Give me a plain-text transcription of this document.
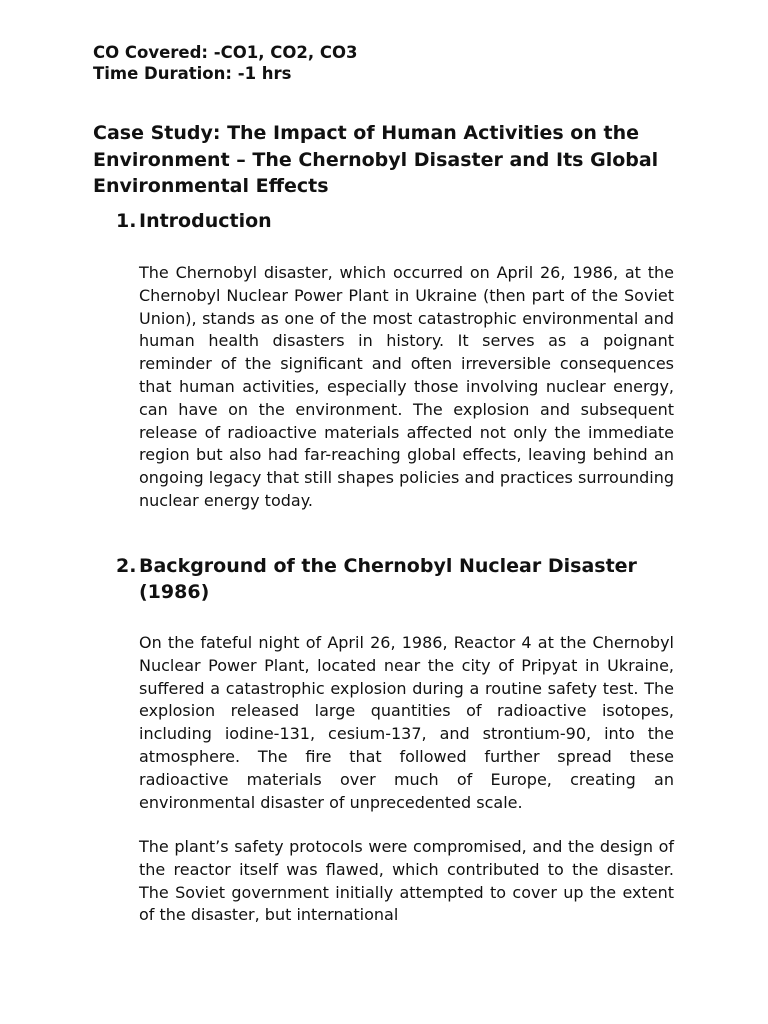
CO Covered: -CO1, CO2, CO3
Time Duration: -1 hrs
Case Study: The Impact of Human Activities on the Environment – The Chernobyl Disaster and Its Global Environmental Effects
1. Introduction

The Chernobyl disaster, which occurred on April 26, 1986, at the Chernobyl Nuclear Power Plant in Ukraine (then part of the Soviet Union), stands as one of the most catastrophic environmental and human health disasters in history. It serves as a poignant reminder of the significant and often irreversible consequences that human activities, especially those involving nuclear energy, can have on the environment. The explosion and subsequent release of radioactive materials affected not only the immediate region but also had far-reaching global effects, leaving behind an ongoing legacy that still shapes policies and practices surrounding nuclear energy today.

2. Background of the Chernobyl Nuclear Disaster (1986)

On the fateful night of April 26, 1986, Reactor 4 at the Chernobyl Nuclear Power Plant, located near the city of Pripyat in Ukraine, suffered a catastrophic explosion during a routine safety test. The explosion released large quantities of radioactive isotopes, including iodine-131, cesium-137, and strontium-90, into the atmosphere. The fire that followed further spread these radioactive materials over much of Europe, creating an environmental disaster of unprecedented scale.

The plant’s safety protocols were compromised, and the design of the reactor itself was flawed, which contributed to the disaster. The Soviet government initially attempted to cover up the extent of the disaster, but international
